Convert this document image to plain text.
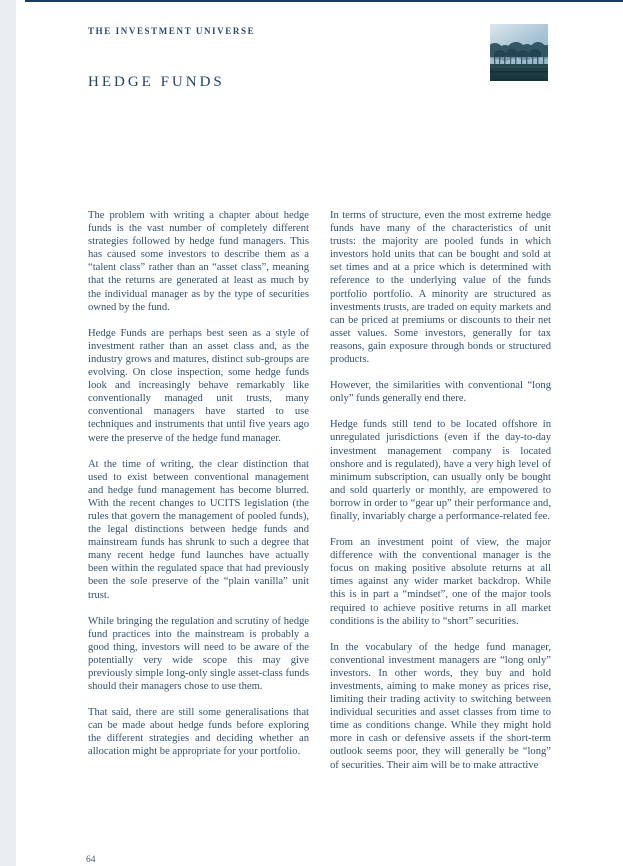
THE INVESTMENT UNIVERSE
HEDGE FUNDS

The problem with writing a chapter about hedge funds is the vast number of completely different strategies followed by hedge fund managers. This has caused some investors to describe them as a “talent class” rather than an “asset class”, meaning that the returns are generated at least as much by the individual manager as by the type of securities owned by the fund.

Hedge Funds are perhaps best seen as a style of investment rather than an asset class and, as the industry grows and matures, distinct sub-groups are evolving. On close inspection, some hedge funds look and increasingly behave remarkably like conventionally managed unit trusts, many conventional managers have started to use techniques and instruments that until five years ago were the preserve of the hedge fund manager.

At the time of writing, the clear distinction that used to exist between conventional management and hedge fund management has become blurred. With the recent changes to UCITS legislation (the rules that govern the management of pooled funds), the legal distinctions between hedge funds and mainstream funds has shrunk to such a degree that many recent hedge fund launches have actually been within the regulated space that had previously been the sole preserve of the “plain vanilla” unit trust.

While bringing the regulation and scrutiny of hedge fund practices into the mainstream is probably a good thing, investors will need to be aware of the potentially very wide scope this may give previously simple long-only single asset-class funds should their managers chose to use them.

That said, there are still some generalisations that can be made about hedge funds before exploring the different strategies and deciding whether an allocation might be appropriate for your portfolio.

In terms of structure, even the most extreme hedge funds have many of the characteristics of unit trusts: the majority are pooled funds in which investors hold units that can be bought and sold at set times and at a price which is determined with reference to the underlying value of the funds portfolio portfolio. A minority are structured as investments trusts, are traded on equity markets and can be priced at premiums or discounts to their net asset values. Some investors, generally for tax reasons, gain exposure through bonds or structured products.

However, the similarities with conventional “long only” funds generally end there.

Hedge funds still tend to be located offshore in unregulated jurisdictions (even if the day-to-day investment management company is located onshore and is regulated), have a very high level of minimum subscription, can usually only be bought and sold quarterly or monthly, are empowered to borrow in order to “gear up” their performance and, finally, invariably charge a performance-related fee.

From an investment point of view, the major difference with the conventional manager is the focus on making positive absolute returns at all times against any wider market backdrop. While this is in part a “mindset”, one of the major tools required to achieve positive returns in all market conditions is the ability to “short” securities.

In the vocabulary of the hedge fund manager, conventional investment managers are “long only” investors. In other words, they buy and hold investments, aiming to make money as prices rise, limiting their trading activity to switching between individual securities and asset classes from time to time as conditions change. While they might hold more in cash or defensive assets if the short-term outlook seems poor, they will generally be “long” of securities. Their aim will be to make attractive

64
